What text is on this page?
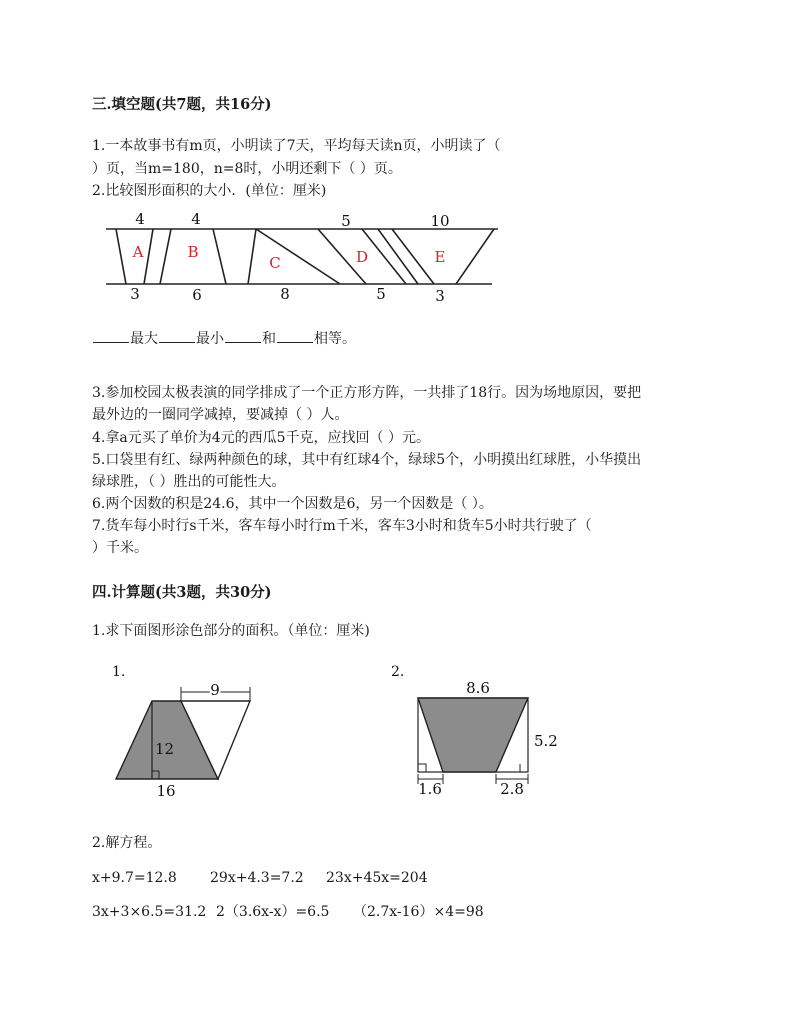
三.填空题(共7题，共16分)
1.一本故事书有m页，小明读了7天，平均每天读n页，小明读了（
）页，当m=180，n=8时，小明还剩下（ ）页。
2.比较图形面积的大小．(单位：厘米)
4	4	5	10
3	6	8	5	3
A	B
C	D	E
最大	最小	和	相等。
3.参加校园太极表演的同学排成了一个正方形方阵，一共排了18行。因为场地原因，要把
最外边的一圈同学减掉，要减掉（ ）人。
4.拿a元买了单价为4元的西瓜5千克，应找回（ ）元。
5.口袋里有红、绿两种颜色的球，其中有红球4个，绿球5个，小明摸出红球胜，小华摸出
绿球胜，（ ）胜出的可能性大。
6.两个因数的积是24.6，其中一个因数是6，另一个因数是（ ）。
7.货车每小时行s千米，客车每小时行m千米，客车3小时和货车5小时共行驶了（
）千米。
四.计算题(共3题，共30分)
1.求下面图形涂色部分的面积。（单位：厘米)
1.
9
12
16
2.
8.6
5.2
1.6	2.8
2.解方程。
x+9.7=12.8 29x+4.3=7.2 23x+45x=204
3x+3×6.5=31.2 2（3.6x-x）=6.5 （2.7x-16）×4=98
